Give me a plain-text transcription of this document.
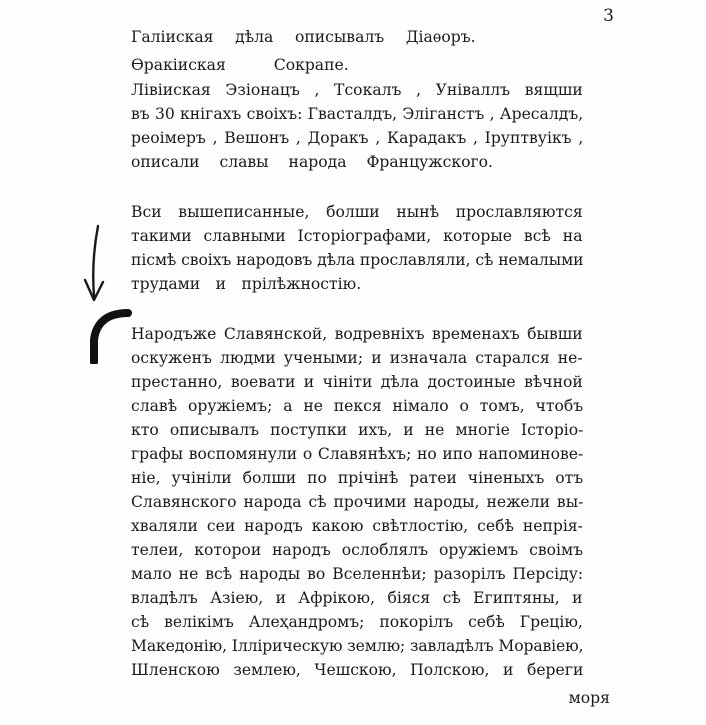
3

Галіиская дѣла описывалъ Діаѳоръ.

Ѳракіиская Сокрапе.

Лівіиская Эзіонацъ , Тсокалъ , Уніваллъ вящши

въ 30 кнігахъ своіхъ: Гвасталдъ, Эліганстъ , Аресалдъ,

реоімеръ , Вешонъ , Доракъ , Карадакъ , Іруптвуікъ ,

описали славы народа Францужского.

Вси вышеписанные, болши нынѣ прославляются

такими славными Історіографами, которые всѣ на

пісмѣ своіхъ народовъ дѣла прославляли, сѣ немалыми

трудами и прілѣжностію.

Народъже Славянской, водревніхъ временахъ бывши

оскуженъ людми учеными; и изначала старался не-

престанно, воевати и чініти дѣла достоиные вѣчной

славѣ оружіемъ; а не пекся німало о томъ, чтобъ

кто описывалъ поступки ихъ, и не многіе Історіо-

графы воспомянули о Славянѣхъ; но ипо напоминове-

ніе, учініли болши по прічінѣ ратеи чіненыхъ отъ

Славянского народа сѣ прочими народы, нежели вы-

хваляли сеи народъ какою свѣтлостію, себѣ непрія-

телеи, которои народъ ослоблялъ оружіемъ своімъ

мало не всѣ народы во Вселеннѣи; разорілъ Персіду:

владѣлъ Азіею, и Афрікою, біяся сѣ Египтяны, и

сѣ велікімъ Алеҳандромъ; покорілъ себѣ Грецію,

Македонію, Іллірическую землю; завладѣлъ Моравіею,

Шленскою землею, Чешскою, Полскою, и береги

моря
